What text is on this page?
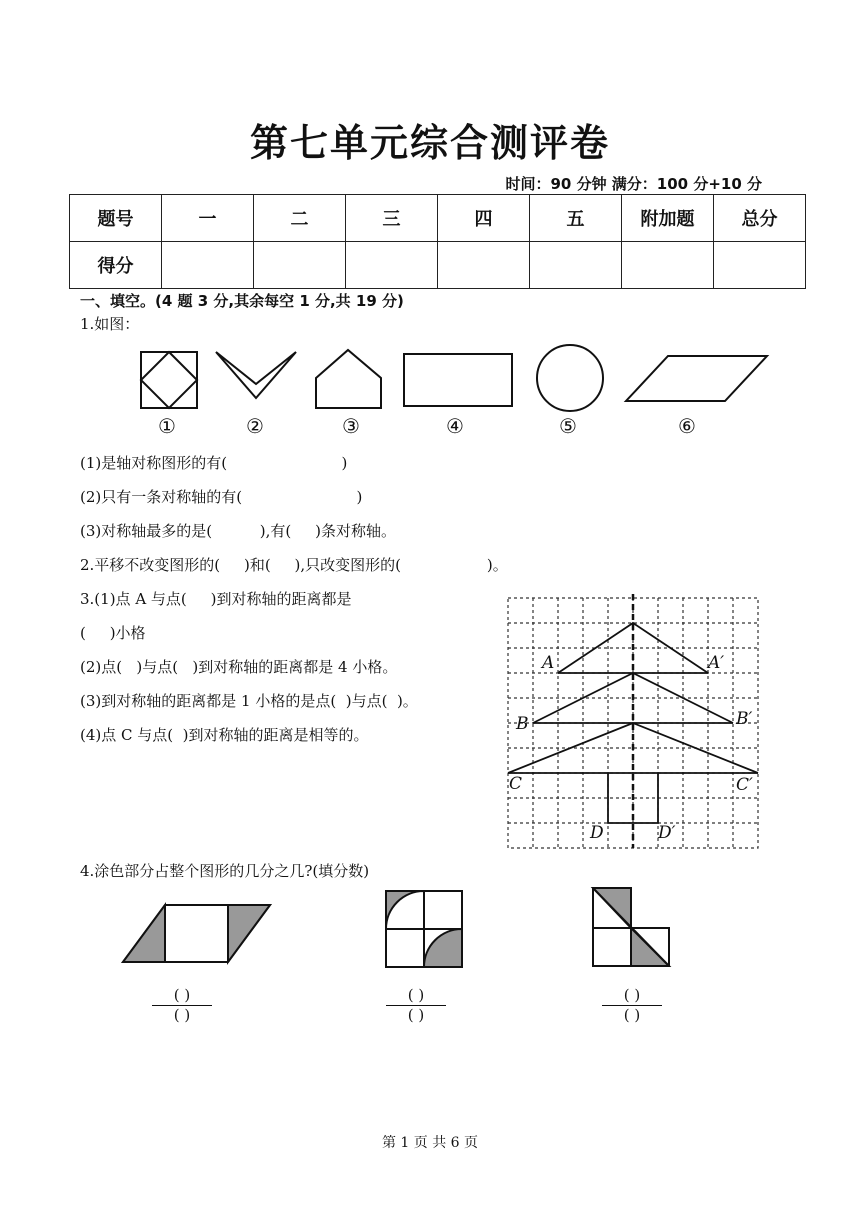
第七单元综合测评卷
时间：90 分钟 满分：100 分+10 分
题号	一	二	三	四	五	附加题	总分
得分							
一、填空。(4 题 3 分,其余每空 1 分,共 19 分)
1.如图：
①	②	③	④	⑤	⑥
(1)是轴对称图形的有(                        )
(2)只有一条对称轴的有(                        )
(3)对称轴最多的是(          ),有(     )条对称轴。
2.平移不改变图形的(     )和(     ),只改变图形的(                  )。
3.(1)点 A 与点(     )到对称轴的距离都是
(     )小格
(2)点(   )与点(   )到对称轴的距离都是 4 小格。
(3)到对称轴的距离都是 1 小格的是点(  )与点(  )。
(4)点 C 与点(  )到对称轴的距离是相等的。
A	A′
B	B′
C	C′
D	D′
4.涂色部分占整个图形的几分之几?(填分数)
( )
( )
( )
( )
( )
( )
第 1 页 共 6 页
